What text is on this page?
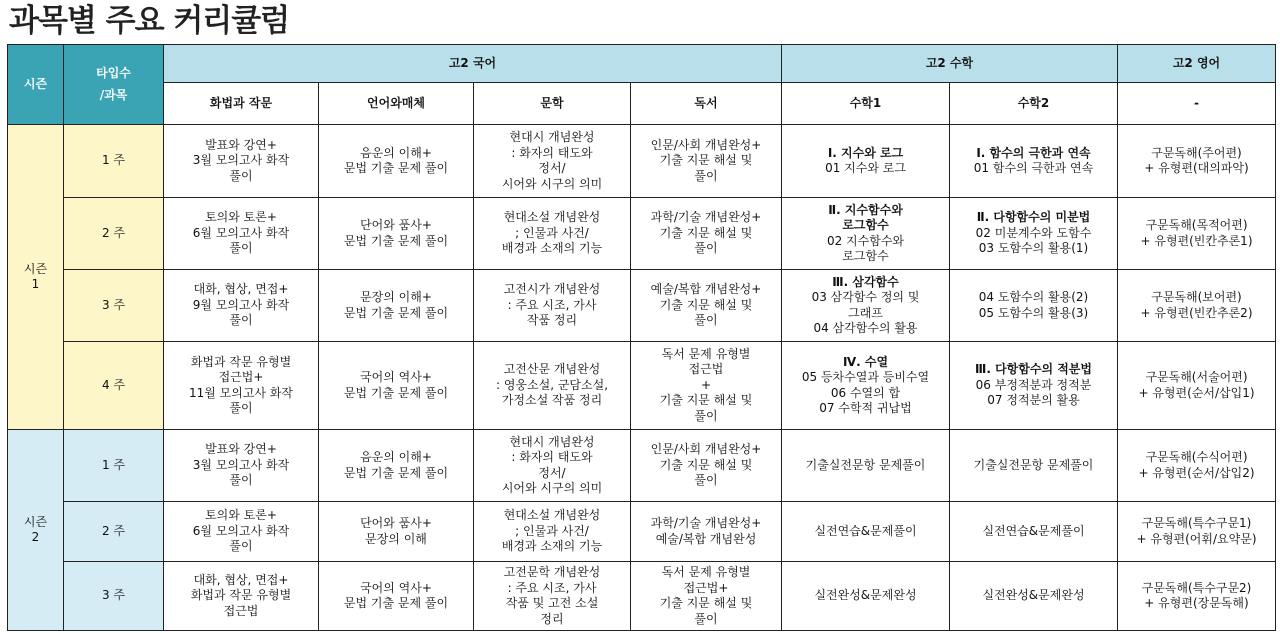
과목별 주요 커리큘럼
시즌	타입수
/과목	고2 국어				고2 수학		고2 영어
		화법과 작문	언어와매체	문학	독서	수학1	수학2	-

시즌
1	1 주	발표와 강연+
3월 모의고사 화작
풀이	음운의 이해+
문법 기출 문제 풀이	현대시 개념완성
: 화자의 태도와
정서/
시어와 시구의 의미	인문/사회 개념완성+
기출 지문 해설 및
풀이	Ⅰ. 지수와 로그
01 지수와 로그	Ⅰ. 함수의 극한과 연속
01 함수의 극한과 연속	구문독해(주어편)
+ 유형편(대의파악)

	2 주	토의와 토론+
6월 모의고사 화작
풀이	단어와 품사+
문법 기출 문제 풀이	현대소설 개념완성
; 인물과 사건/
배경과 소재의 기능	과학/기술 개념완성+
기출 지문 해설 및
풀이	Ⅱ. 지수함수와
로그함수
02 지수함수와
로그함수	Ⅱ. 다항함수의 미분법
02 미분계수와 도함수
03 도함수의 활용(1)	구문독해(목적어편)
+ 유형편(빈칸추론1)

	3 주	대화, 협상, 면접+
9월 모의고사 화작
풀이	문장의 이해+
문법 기출 문제 풀이	고전시가 개념완성
: 주요 시조, 가사
작품 정리	예술/복합 개념완성+
기출 지문 해설 및
풀이	Ⅲ. 삼각함수
03 삼각함수 정의 및
그래프
04 삼각함수의 활용	04 도함수의 활용(2)
05 도함수의 활용(3)	구문독해(보어편)
+ 유형편(빈칸추론2)

	4 주	화법과 작문 유형별
접근법+
11월 모의고사 화작
풀이	국어의 역사+
문법 기출 문제 풀이	고전산문 개념완성
: 영웅소설, 군담소설,
가정소설 작품 정리	독서 문제 유형별
접근법
+
기출 지문 해설 및
풀이	Ⅳ. 수열
05 등차수열과 등비수열
06 수열의 합
07 수학적 귀납법	Ⅲ. 다항함수의 적분법
06 부정적분과 정적분
07 정적분의 활용	구문독해(서술어편)
+ 유형편(순서/삽입1)

시즌
2	1 주	발표와 강연+
3월 모의고사 화작
풀이	음운의 이해+
문법 기출 문제 풀이	현대시 개념완성
: 화자의 태도와
정서/
시어와 시구의 의미	인문/사회 개념완성+
기출 지문 해설 및
풀이	기출실전문항 문제풀이	기출실전문항 문제풀이	구문독해(수식어편)
+ 유형편(순서/삽입2)

	2 주	토의와 토론+
6월 모의고사 화작
풀이	단어와 품사+
문장의 이해	현대소설 개념완성
; 인물과 사건/
배경과 소재의 기능	과학/기술 개념완성+
예술/복합 개념완성	실전연습&문제풀이	실전연습&문제풀이	구문독해(특수구문1)
+ 유형편(어휘/요약문)

	3 주	대화, 협상, 면접+
화법과 작문 유형별
접근법	국어의 역사+
문법 기출 문제 풀이	고전문학 개념완성
: 주요 시조, 가사
작품 및 고전 소설
정리	독서 문제 유형별
접근법+
기출 지문 해설 및
풀이	실전완성&문제완성	실전완성&문제완성	구문독해(특수구문2)
+ 유형편(장문독해)
